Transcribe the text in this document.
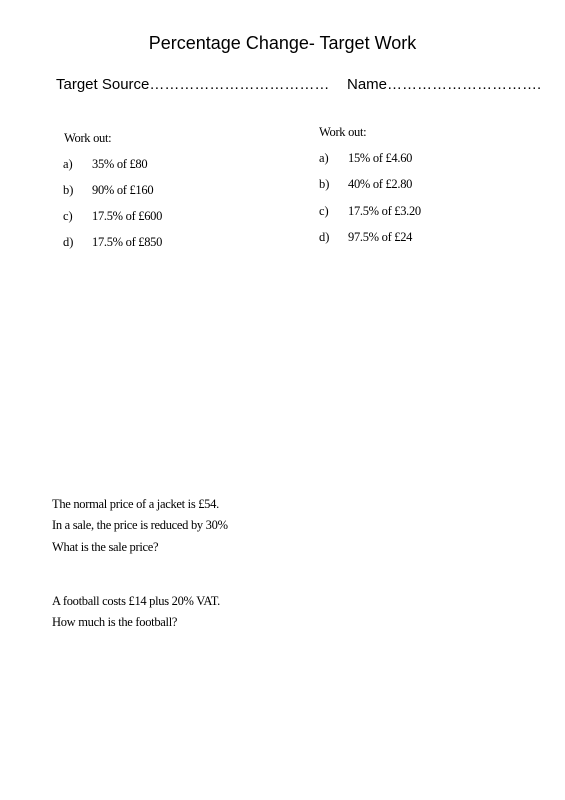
Percentage Change- Target Work
Target Source……………………………… Name………………………….
Work out:
a) 35% of £80
b) 90% of £160
c) 17.5% of £600
d) 17.5% of £850
Work out:
a) 15% of £4.60
b) 40% of £2.80
c) 17.5% of £3.20
d) 97.5% of £24
The normal price of a jacket is £54.
In a sale, the price is reduced by 30%
What is the sale price?
A football costs £14 plus 20% VAT.
How much is the football?
